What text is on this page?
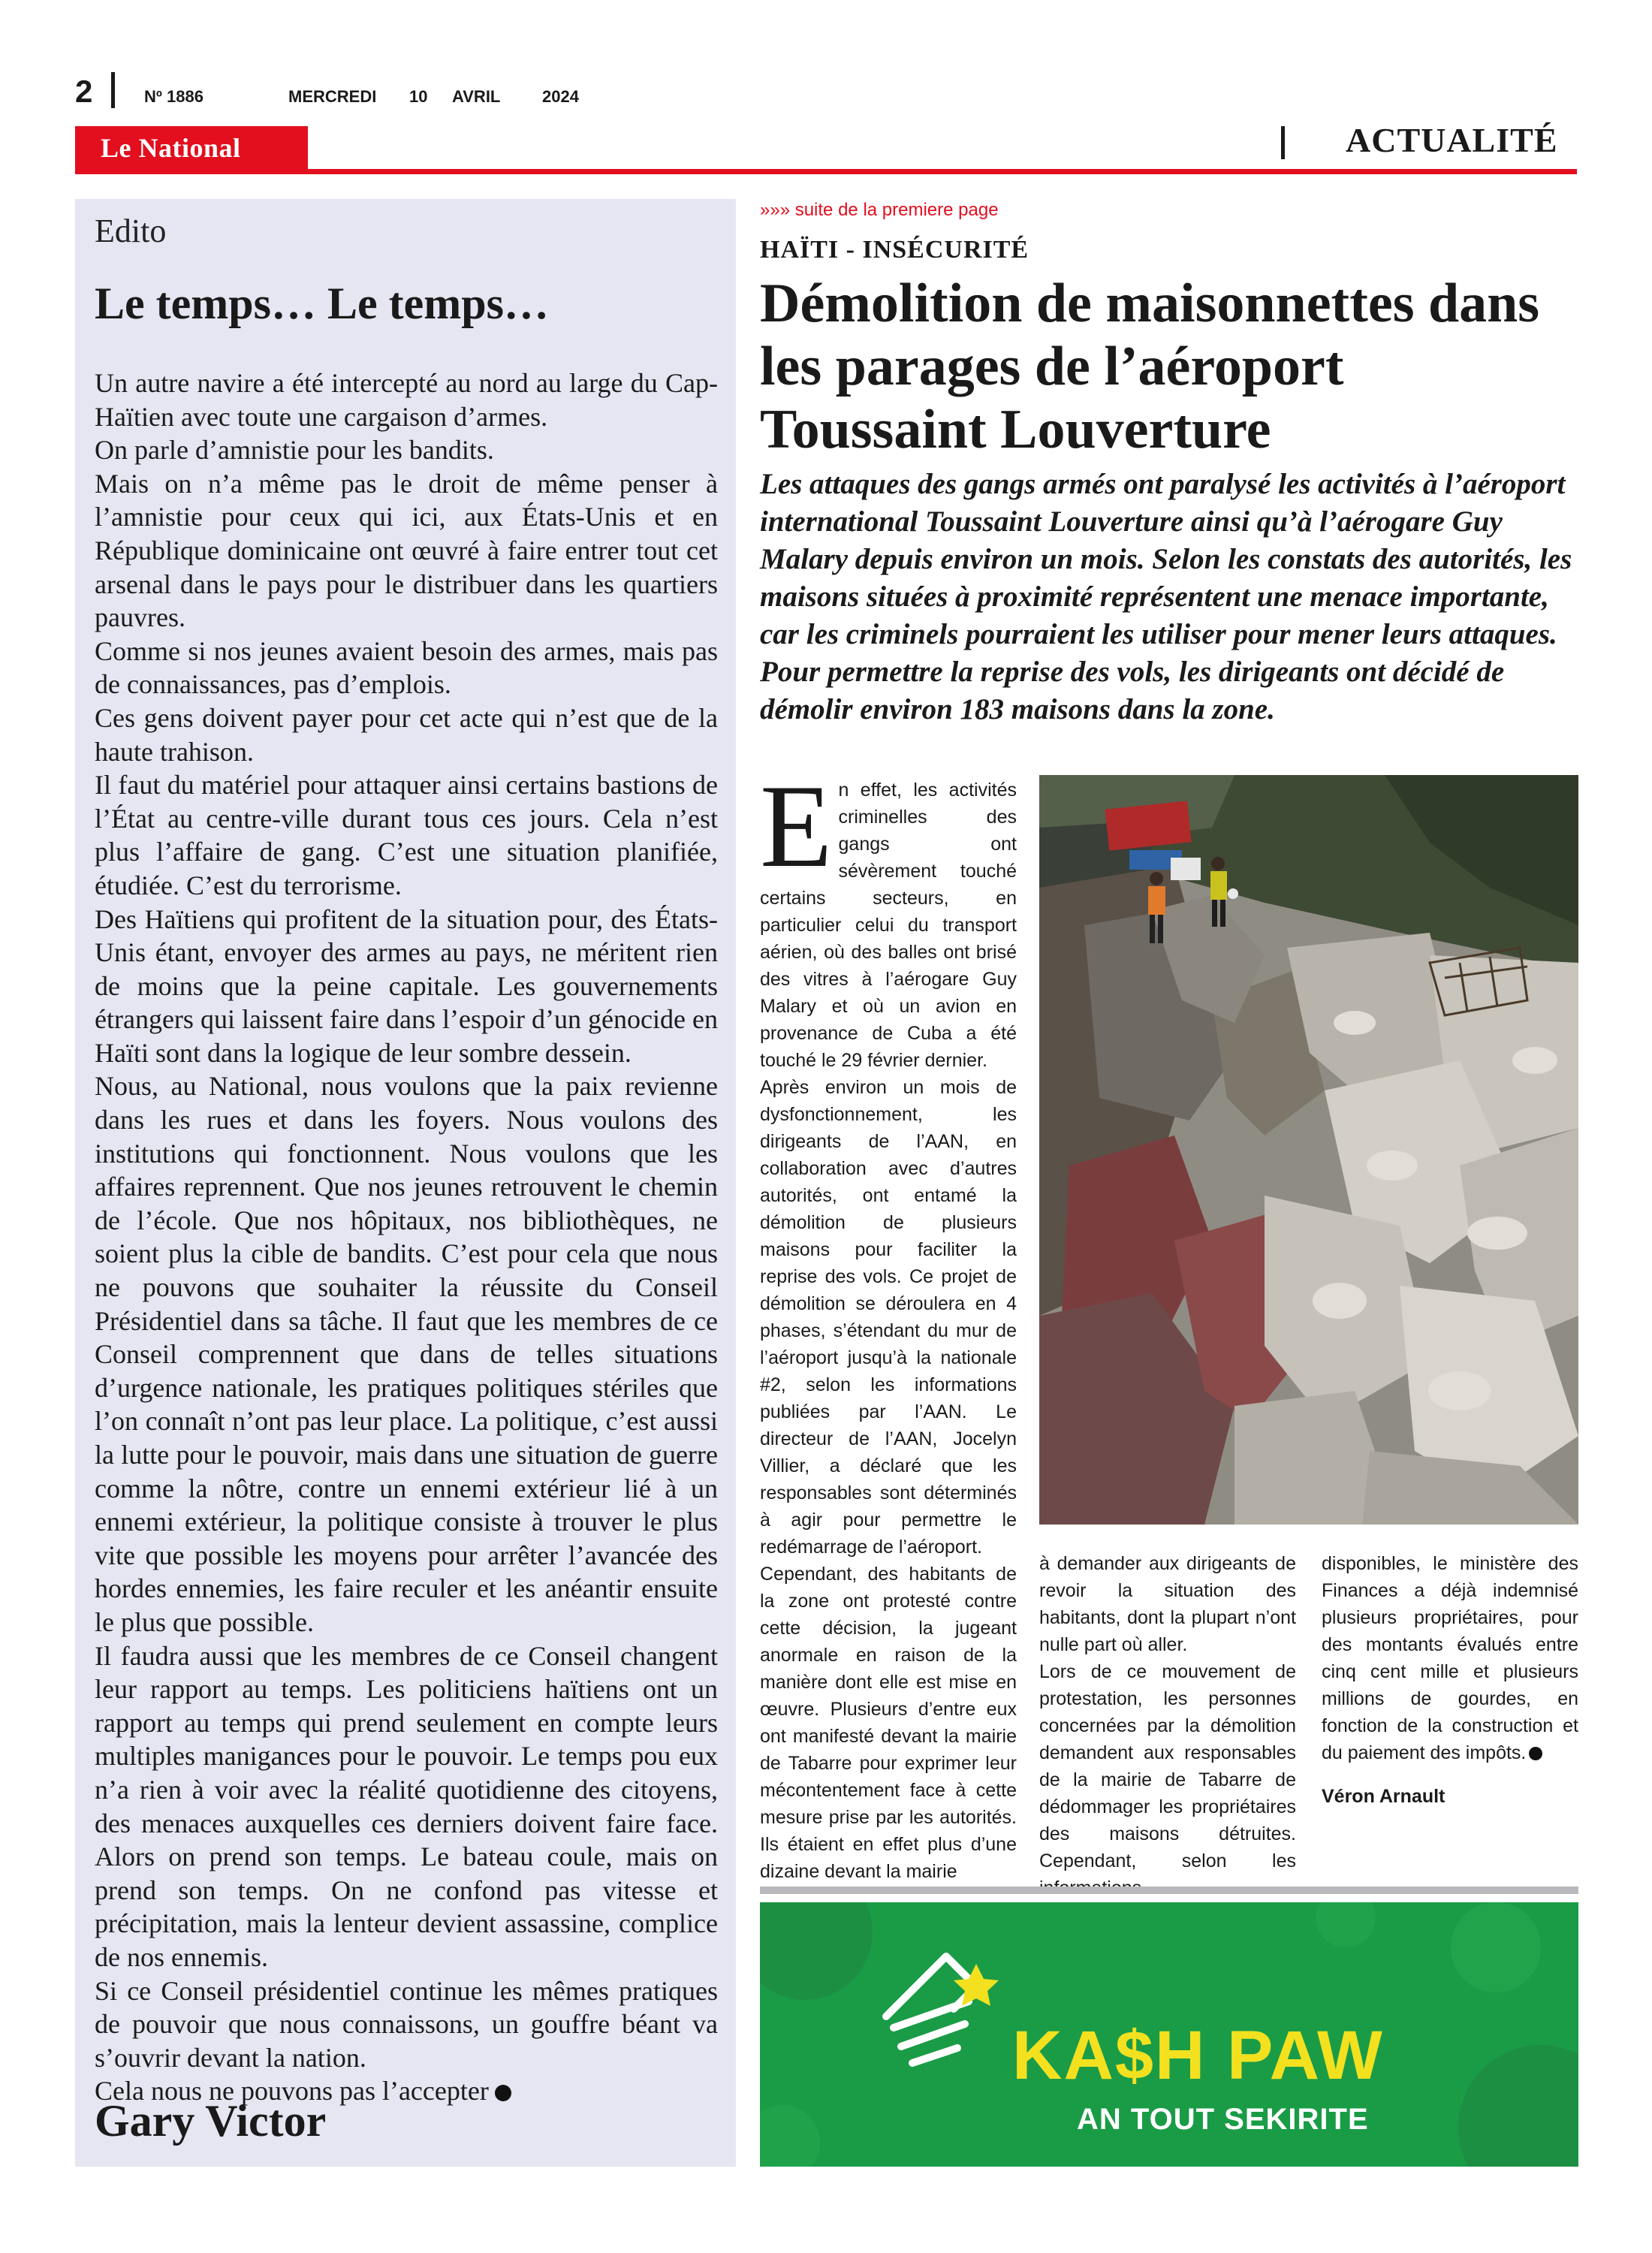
2	Nº 1886	MERCREDI 10 AVRIL	2024
Le National	ACTUALITÉ
Edito
Le temps… Le temps…

Un autre navire a été intercepté au nord au large du Cap-Haïtien avec toute une cargaison d’armes.

On parle d’amnistie pour les bandits.

Mais on n’a même pas le droit de même penser à l’amnistie pour ceux qui ici, aux États-Unis et en République dominicaine ont œuvré à faire entrer tout cet arsenal dans le pays pour le distribuer dans les quartiers pauvres.

Comme si nos jeunes avaient besoin des armes, mais pas de connaissances, pas d’emplois.

Ces gens doivent payer pour cet acte qui n’est que de la haute trahison.

Il faut du matériel pour attaquer ainsi certains bastions de l’État au centre-ville durant tous ces jours. Cela n’est plus l’affaire de gang. C’est une situation planifiée, étudiée. C’est du terrorisme.

Des Haïtiens qui profitent de la situation pour, des États-Unis étant, envoyer des armes au pays, ne méritent rien de moins que la peine capitale. Les gouvernements étrangers qui laissent faire dans l’espoir d’un génocide en Haïti sont dans la logique de leur sombre dessein.

Nous, au National, nous voulons que la paix revienne dans les rues et dans les foyers. Nous voulons des institutions qui fonctionnent. Nous voulons que les affaires reprennent. Que nos jeunes retrouvent le chemin de l’école. Que nos hôpitaux, nos bibliothèques, ne soient plus la cible de bandits. C’est pour cela que nous ne pouvons que souhaiter la réussite du Conseil Présidentiel dans sa tâche. Il faut que les membres de ce Conseil comprennent que dans de telles situations d’urgence nationale, les pratiques politiques stériles que l’on connaît n’ont pas leur place. La politique, c’est aussi la lutte pour le pouvoir, mais dans une situation de guerre comme la nôtre, contre un ennemi extérieur lié à un ennemi extérieur, la politique consiste à trouver le plus vite que possible les moyens pour arrêter l’avancée des hordes ennemies, les faire reculer et les anéantir ensuite le plus que possible.

Il faudra aussi que les membres de ce Conseil changent leur rapport au temps. Les politiciens haïtiens ont un rapport au temps qui prend seulement en compte leurs multiples manigances pour le pouvoir. Le temps pou eux n’a rien à voir avec la réalité quotidienne des citoyens, des menaces auxquelles ces derniers doivent faire face. Alors on prend son temps. Le bateau coule, mais on prend son temps. On ne confond pas vitesse et précipitation, mais la lenteur devient assassine, complice de nos ennemis.

Si ce Conseil présidentiel continue les mêmes pratiques de pouvoir que nous connaissons, un gouffre béant va s’ouvrir devant la nation.

Cela nous ne pouvons pas l’accepter

Gary Victor
»»» suite de la premiere page
HAÏTI - INSÉCURITÉ
Démolition de maisonnettes dans les parages de l’aéroport Toussaint Louverture
Les attaques des gangs armés ont paralysé les activités à l’aéroport international Toussaint Louverture ainsi qu’à l’aérogare Guy Malary depuis environ un mois. Selon les constats des autorités, les maisons situées à proximité représentent une menace importante, car les criminels pourraient les utiliser pour mener leurs attaques. Pour permettre la reprise des vols, les dirigeants ont décidé de démolir environ 183 maisons dans la zone.

En effet, les activités criminelles des gangs ont sévèrement touché certains secteurs, en particulier celui du transport aérien, où des balles ont brisé des vitres à l’aérogare Guy Malary et où un avion en provenance de Cuba a été touché le 29 février dernier.

Après environ un mois de dysfonctionnement, les dirigeants de l’AAN, en collaboration avec d’autres autorités, ont entamé la démolition de plusieurs maisons pour faciliter la reprise des vols. Ce projet de démolition se déroulera en 4 phases, s’étendant du mur de l’aéroport jusqu’à la nationale #2, selon les informations publiées par l’AAN. Le directeur de l’AAN, Jocelyn Villier, a déclaré que les responsables sont déterminés à agir pour permettre le redémarrage de l’aéroport.

Cependant, des habitants de la zone ont protesté contre cette décision, la jugeant anormale en raison de la manière dont elle est mise en œuvre. Plusieurs d’entre eux ont manifesté devant la mairie de Tabarre pour exprimer leur mécontentement face à cette mesure prise par les autorités. Ils étaient en effet plus d’une dizaine devant la mairie

à demander aux dirigeants de revoir la situation des habitants, dont la plupart n’ont nulle part où aller.

Lors de ce mouvement de protestation, les personnes concernées par la démolition demandent aux responsables de la mairie de Tabarre de dédommager les propriétaires des maisons détruites. Cependant, selon les

disponibles, le ministère des Finances a déjà indemnisé plusieurs propriétaires, pour des montants évalués entre cinq cent mille et plusieurs millions de gourdes, en fonction de la construction et du paiement des impôts.

Véron Arnault

KA$H PAW
AN TOUT SEKIRITE
